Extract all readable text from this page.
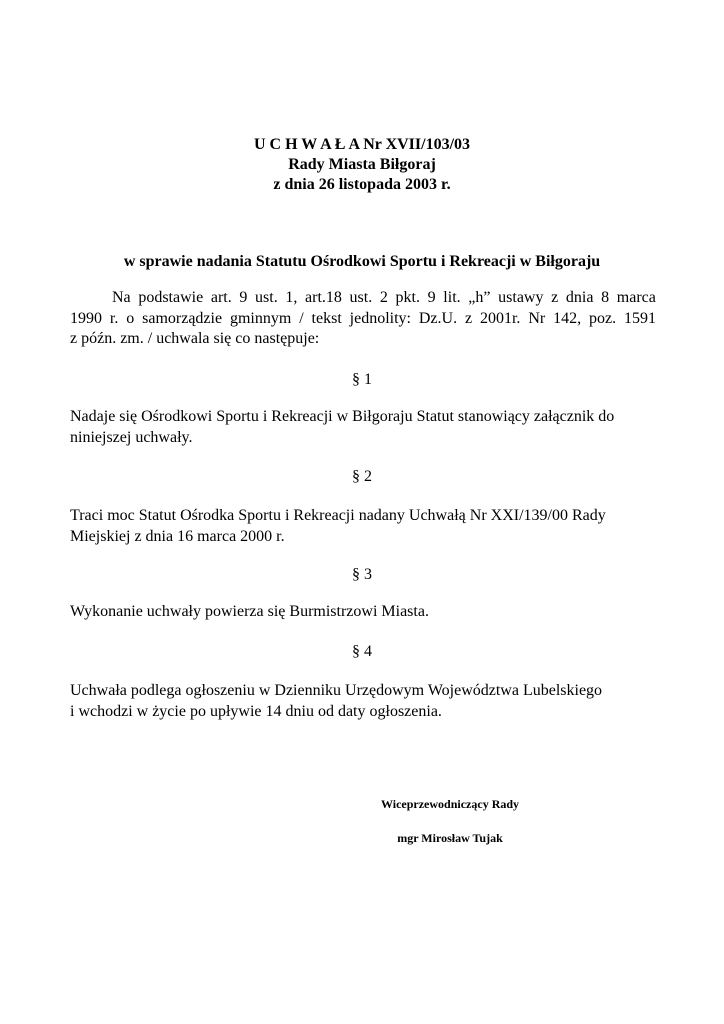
U C H W A Ł A Nr XVII/103/03
Rady Miasta Biłgoraj
z dnia 26 listopada 2003 r.
w sprawie nadania Statutu Ośrodkowi Sportu i Rekreacji w Biłgoraju
Na podstawie art. 9 ust. 1, art.18 ust. 2 pkt. 9 lit. „h” ustawy z dnia 8 marca
1990 r. o samorządzie gminnym / tekst jednolity: Dz.U. z 2001r. Nr 142, poz. 1591
z późn. zm. / uchwala się co następuje:
§ 1
Nadaje się Ośrodkowi Sportu i Rekreacji w Biłgoraju Statut stanowiący załącznik do
niniejszej uchwały.
§ 2
Traci moc Statut Ośrodka Sportu i Rekreacji nadany Uchwałą Nr XXI/139/00 Rady
Miejskiej z dnia 16 marca 2000 r.
§ 3
Wykonanie uchwały powierza się Burmistrzowi Miasta.
§ 4
Uchwała podlega ogłoszeniu w Dzienniku Urzędowym Województwa Lubelskiego
i wchodzi w życie po upływie 14 dniu od daty ogłoszenia.
Wiceprzewodniczący Rady
mgr Mirosław Tujak
